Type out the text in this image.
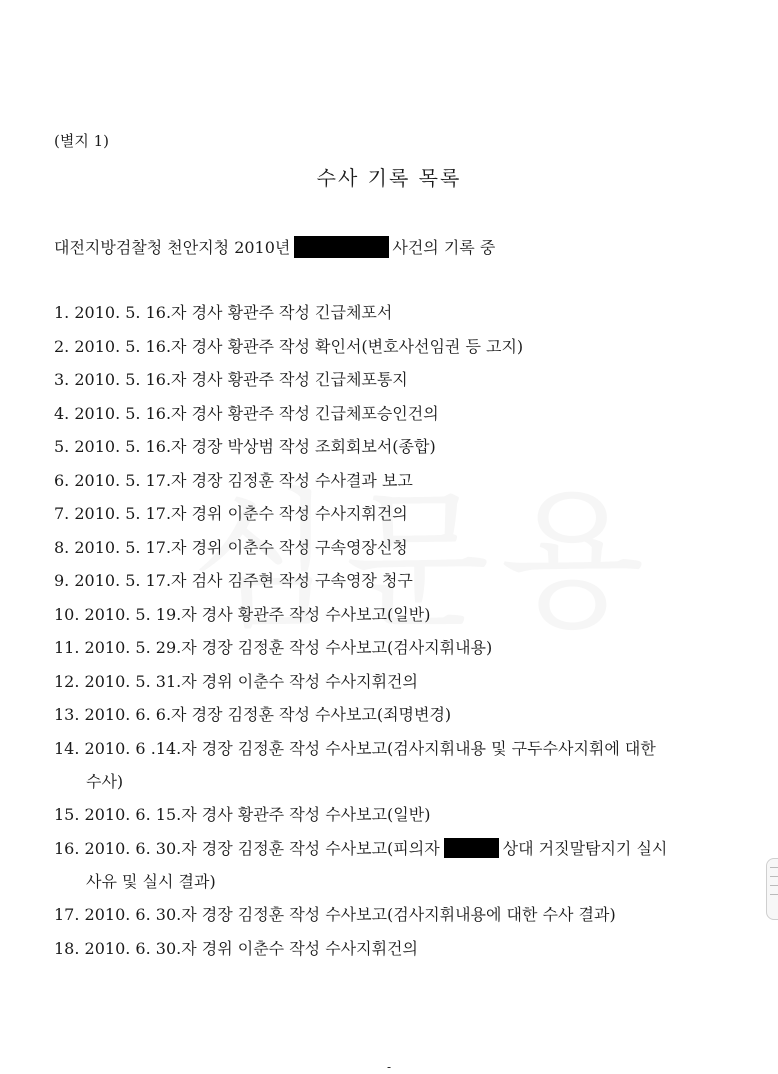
(별지 1)
수사 기록 목록
대전지방검찰청 천안지청 2010년	사건의 기록 중
1. 2010. 5. 16.자 경사 황관주 작성 긴급체포서
2. 2010. 5. 16.자 경사 황관주 작성 확인서(변호사선임권 등 고지)
3. 2010. 5. 16.자 경사 황관주 작성 긴급체포통지
4. 2010. 5. 16.자 경사 황관주 작성 긴급체포승인건의
5. 2010. 5. 16.자 경장 박상범 작성 조회회보서(종합)
6. 2010. 5. 17.자 경장 김정훈 작성 수사결과 보고
7. 2010. 5. 17.자 경위 이춘수 작성 수사지휘건의
8. 2010. 5. 17.자 경위 이춘수 작성 구속영장신청
9. 2010. 5. 17.자 검사 김주현 작성 구속영장 청구
10. 2010. 5. 19.자 경사 황관주 작성 수사보고(일반)
11. 2010. 5. 29.자 경장 김정훈 작성 수사보고(검사지휘내용)
12. 2010. 5. 31.자 경위 이춘수 작성 수사지휘건의
13. 2010. 6. 6.자 경장 김정훈 작성 수사보고(죄명변경)
14. 2010. 6 .14.자 경장 김정훈 작성 수사보고(검사지휘내용 및 구두수사지휘에 대한
수사)
15. 2010. 6. 15.자 경사 황관주 작성 수사보고(일반)
16. 2010. 6. 30.자 경장 김정훈 작성 수사보고(피의자	상대 거짓말탐지기 실시
사유 및 실시 결과)
17. 2010. 6. 30.자 경장 김정훈 작성 수사보고(검사지휘내용에 대한 수사 결과)
18. 2010. 6. 30.자 경위 이춘수 작성 수사지휘건의
-
